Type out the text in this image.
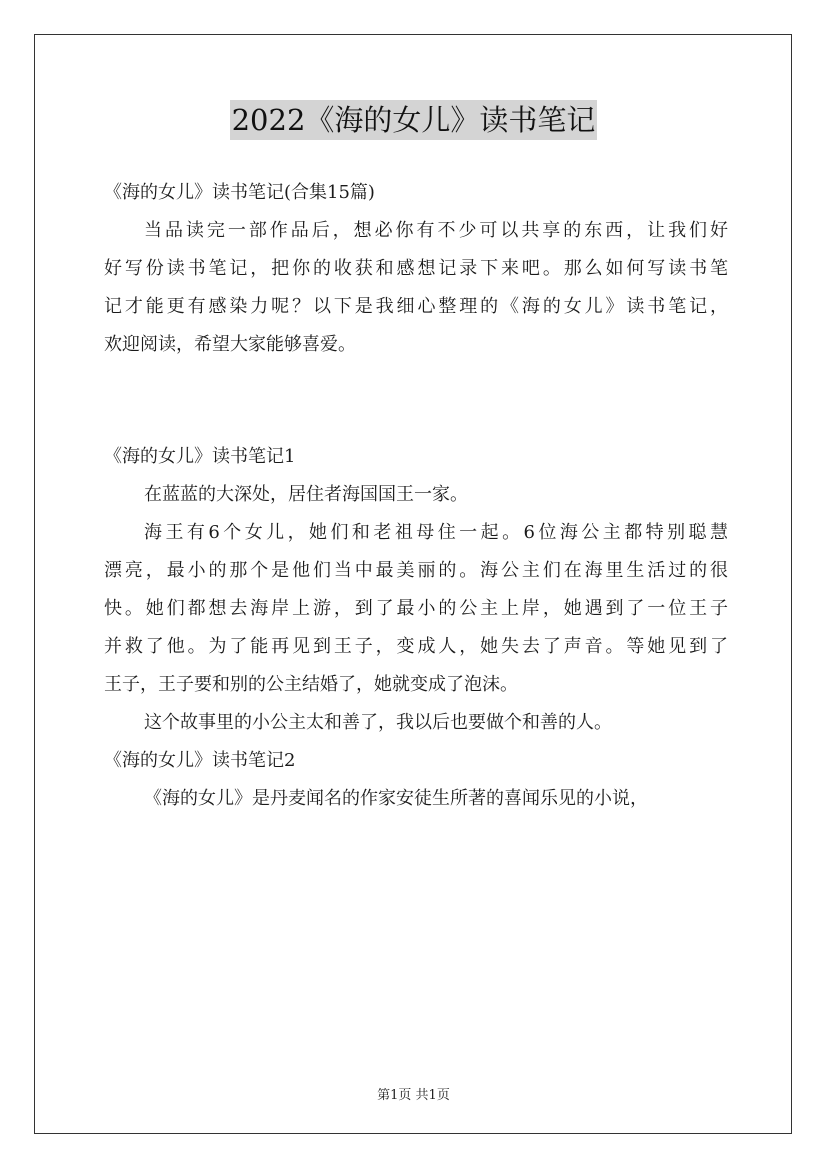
2022《海的女儿》读书笔记
《海的女儿》读书笔记(合集15篇)
当品读完一部作品后，想必你有不少可以共享的东西，让我们好
好写份读书笔记，把你的收获和感想记录下来吧。那么如何写读书笔
记才能更有感染力呢？以下是我细心整理的《海的女儿》读书笔记，
欢迎阅读，希望大家能够喜爱。
《海的女儿》读书笔记1
在蓝蓝的大深处，居住者海国国王一家。
海王有6个女儿，她们和老祖母住一起。6位海公主都特别聪慧
漂亮，最小的那个是他们当中最美丽的。海公主们在海里生活过的很
快。她们都想去海岸上游，到了最小的公主上岸，她遇到了一位王子
并救了他。为了能再见到王子，变成人，她失去了声音。等她见到了
王子，王子要和别的公主结婚了，她就变成了泡沫。
这个故事里的小公主太和善了，我以后也要做个和善的人。
《海的女儿》读书笔记2
《海的女儿》是丹麦闻名的作家安徒生所著的喜闻乐见的小说，
第1页 共1页
